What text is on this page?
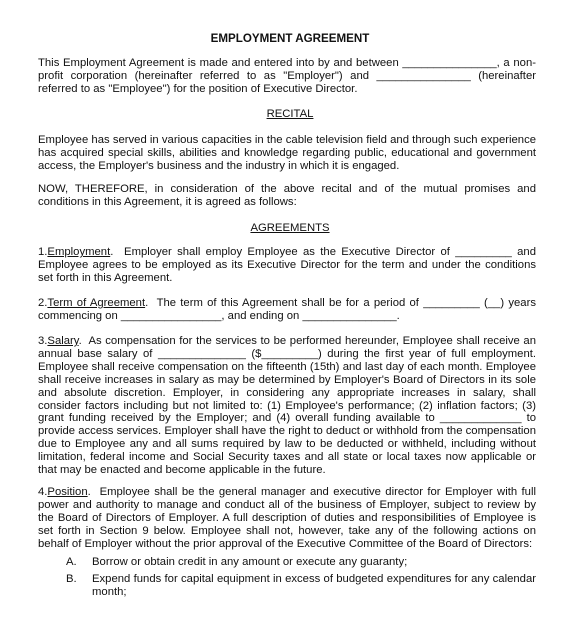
EMPLOYMENT AGREEMENT
This Employment Agreement is made and entered into by and between _______________, a non-profit corporation (hereinafter referred to as "Employer") and _______________ (hereinafter referred to as "Employee") for the position of Executive Director.
RECITAL
Employee has served in various capacities in the cable television field and through such experience has acquired special skills, abilities and knowledge regarding public, educational and government access, the Employer's business and the industry in which it is engaged.
NOW, THEREFORE, in consideration of the above recital and of the mutual promises and conditions in this Agreement, it is agreed as follows:
AGREEMENTS
1.Employment.  Employer shall employ Employee as the Executive Director of _________ and Employee agrees to be employed as its Executive Director for the term and under the conditions set forth in this Agreement.
2.Term of Agreement.  The term of this Agreement shall be for a period of _________ (__) years commencing on ________________, and ending on _______________.
3.Salary.  As compensation for the services to be performed hereunder, Employee shall receive an annual base salary of ______________ ($_________) during the first year of full employment. Employee shall receive compensation on the fifteenth (15th) and last day of each month. Employee shall receive increases in salary as may be determined by Employer's Board of Directors in its sole and absolute discretion. Employer, in considering any appropriate increases in salary, shall consider factors including but not limited to: (1) Employee's performance; (2) inflation factors; (3) grant funding received by the Employer; and (4) overall funding available to _____________ to provide access services. Employer shall have the right to deduct or withhold from the compensation due to Employee any and all sums required by law to be deducted or withheld, including without limitation, federal income and Social Security taxes and all state or local taxes now applicable or that may be enacted and become applicable in the future.
4.Position.  Employee shall be the general manager and executive director for Employer with full power and authority to manage and conduct all of the business of Employer, subject to review by the Board of Directors of Employer. A full description of duties and responsibilities of Employee is set forth in Section 9 below. Employee shall not, however, take any of the following actions on behalf of Employer without the prior approval of the Executive Committee of the Board of Directors:
A. Borrow or obtain credit in any amount or execute any guaranty;
B. Expend funds for capital equipment in excess of budgeted expenditures for any calendar month;
